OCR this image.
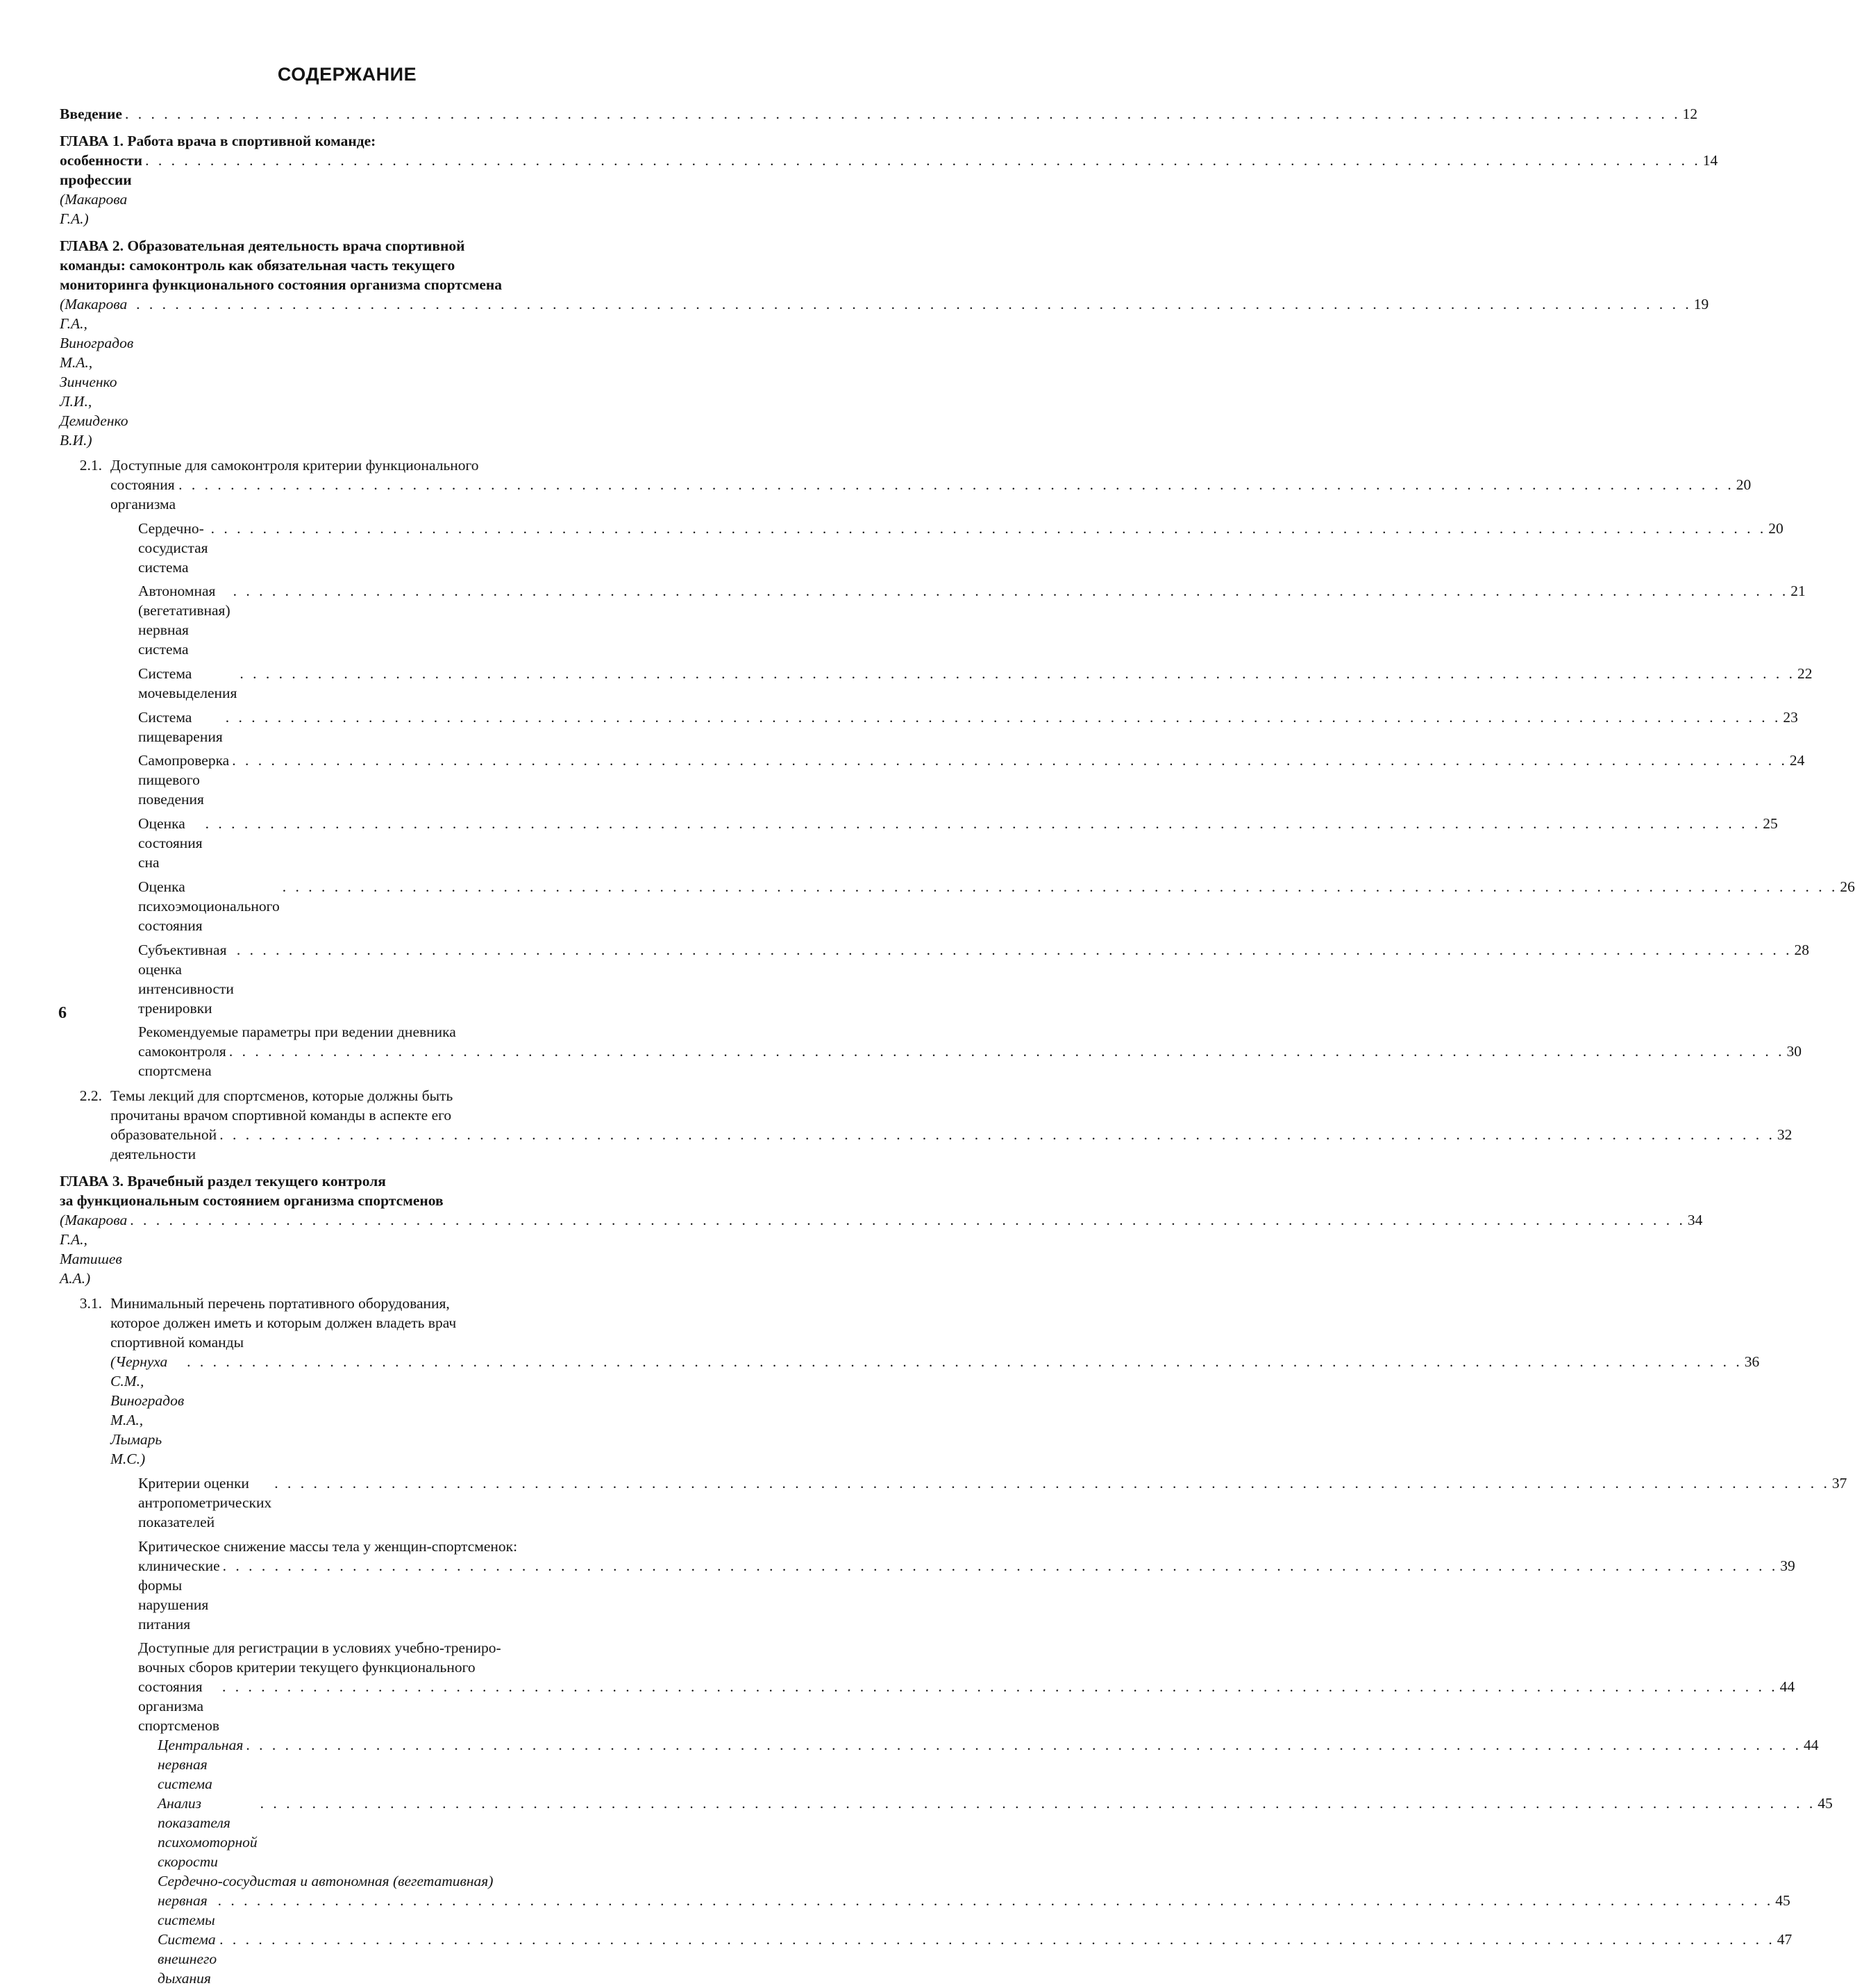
СОДЕРЖАНИЕ
Введение . . . . . . . . . . . . . . . . . . . . . . . . . . . . . . . . . . . . . . . . . . . . . . . . . . . . . . . . . . . . . . . . . . . . . . . . . . . . . . . . . . . . . . . . . . . . . . . . . . . . . . . . . . . . . . . . . . . . . . . . 12
ГЛАВА 1. Работа врача в спортивной команде:
особенности профессии (Макарова Г.А.)
. . . . . . . . . . . . . . . . . . . . . . . . . . . . . . . . . . . . . . . . . . . . . . . . . . . . . . . . . . . . . . . . . . . . . . . . . . . . . . . . . . . . . . . . . . . . . . . . . . . . . . . . . . . . . . . . . . . . . . . . 14
ГЛАВА 2. Образовательная деятельность врача спортивной
команды: самоконтроль как обязательная часть текущего
мониторинга функционального состояния организма спортсмена
(Макарова Г.А., Виноградов М.А., Зинченко Л.И., Демиденко В.И.)
. . . . . . . . . . . . . . . . . . . . . . . . . . . . . . . . . . . . . . . . . . . . . . . . . . . . . . . . . . . . . . . . . . . . . . . . . . . . . . . . . . . . . . . . . . . . . . . . . . . . . . . . . . . . . . . . . . . . . . . . 19
2.1. Доступные для самоконтроля критерии функционального
состояния организма
. . . . . . . . . . . . . . . . . . . . . . . . . . . . . . . . . . . . . . . . . . . . . . . . . . . . . . . . . . . . . . . . . . . . . . . . . . . . . . . . . . . . . . . . . . . . . . . . . . . . . . . . . . . . . . . . . . . . . . . . 20
Сердечно-сосудистая система
. . . . . . . . . . . . . . . . . . . . . . . . . . . . . . . . . . . . . . . . . . . . . . . . . . . . . . . . . . . . . . . . . . . . . . . . . . . . . . . . . . . . . . . . . . . . . . . . . . . . . . . . . . . . . . . . . . . . . . . . 20
Автономная (вегетативная) нервная система
. . . . . . . . . . . . . . . . . . . . . . . . . . . . . . . . . . . . . . . . . . . . . . . . . . . . . . . . . . . . . . . . . . . . . . . . . . . . . . . . . . . . . . . . . . . . . . . . . . . . . . . . . . . . . . . . . . . . . . . . 21
Система мочевыделения
. . . . . . . . . . . . . . . . . . . . . . . . . . . . . . . . . . . . . . . . . . . . . . . . . . . . . . . . . . . . . . . . . . . . . . . . . . . . . . . . . . . . . . . . . . . . . . . . . . . . . . . . . . . . . . . . . . . . . . . . 22
Система пищеварения
. . . . . . . . . . . . . . . . . . . . . . . . . . . . . . . . . . . . . . . . . . . . . . . . . . . . . . . . . . . . . . . . . . . . . . . . . . . . . . . . . . . . . . . . . . . . . . . . . . . . . . . . . . . . . . . . . . . . . . . . 23
Самопроверка пищевого поведения
. . . . . . . . . . . . . . . . . . . . . . . . . . . . . . . . . . . . . . . . . . . . . . . . . . . . . . . . . . . . . . . . . . . . . . . . . . . . . . . . . . . . . . . . . . . . . . . . . . . . . . . . . . . . . . . . . . . . . . . . 24
Оценка состояния сна
. . . . . . . . . . . . . . . . . . . . . . . . . . . . . . . . . . . . . . . . . . . . . . . . . . . . . . . . . . . . . . . . . . . . . . . . . . . . . . . . . . . . . . . . . . . . . . . . . . . . . . . . . . . . . . . . . . . . . . . . 25
Оценка психоэмоционального состояния
. . . . . . . . . . . . . . . . . . . . . . . . . . . . . . . . . . . . . . . . . . . . . . . . . . . . . . . . . . . . . . . . . . . . . . . . . . . . . . . . . . . . . . . . . . . . . . . . . . . . . . . . . . . . . . . . . . . . . . . . 26
Субъективная оценка интенсивности тренировки
. . . . . . . . . . . . . . . . . . . . . . . . . . . . . . . . . . . . . . . . . . . . . . . . . . . . . . . . . . . . . . . . . . . . . . . . . . . . . . . . . . . . . . . . . . . . . . . . . . . . . . . . . . . . . . . . . . . . . . . . 28
Рекомендуемые параметры при ведении дневника
самоконтроля спортсмена
. . . . . . . . . . . . . . . . . . . . . . . . . . . . . . . . . . . . . . . . . . . . . . . . . . . . . . . . . . . . . . . . . . . . . . . . . . . . . . . . . . . . . . . . . . . . . . . . . . . . . . . . . . . . . . . . . . . . . . . . 30
2.2. Темы лекций для спортсменов, которые должны быть
прочитаны врачом спортивной команды в аспекте его
образовательной деятельности
. . . . . . . . . . . . . . . . . . . . . . . . . . . . . . . . . . . . . . . . . . . . . . . . . . . . . . . . . . . . . . . . . . . . . . . . . . . . . . . . . . . . . . . . . . . . . . . . . . . . . . . . . . . . . . . . . . . . . . . . 32
ГЛАВА 3. Врачебный раздел текущего контроля
за функциональным состоянием организма спортсменов
(Макарова Г.А., Матишев А.А.)
. . . . . . . . . . . . . . . . . . . . . . . . . . . . . . . . . . . . . . . . . . . . . . . . . . . . . . . . . . . . . . . . . . . . . . . . . . . . . . . . . . . . . . . . . . . . . . . . . . . . . . . . . . . . . . . . . . . . . . . . 34
3.1. Минимальный перечень портативного оборудования,
которое должен иметь и которым должен владеть врач
спортивной команды
(Чернуха С.М., Виноградов М.А., Лымарь М.С.)
. . . . . . . . . . . . . . . . . . . . . . . . . . . . . . . . . . . . . . . . . . . . . . . . . . . . . . . . . . . . . . . . . . . . . . . . . . . . . . . . . . . . . . . . . . . . . . . . . . . . . . . . . . . . . . . . . . . . . . . . 36
Критерии оценки антропометрических показателей
. . . . . . . . . . . . . . . . . . . . . . . . . . . . . . . . . . . . . . . . . . . . . . . . . . . . . . . . . . . . . . . . . . . . . . . . . . . . . . . . . . . . . . . . . . . . . . . . . . . . . . . . . . . . . . . . . . . . . . . . 37
Критическое снижение массы тела у женщин-спортсменок:
клинические формы нарушения питания
. . . . . . . . . . . . . . . . . . . . . . . . . . . . . . . . . . . . . . . . . . . . . . . . . . . . . . . . . . . . . . . . . . . . . . . . . . . . . . . . . . . . . . . . . . . . . . . . . . . . . . . . . . . . . . . . . . . . . . . . 39
Доступные для регистрации в условиях учебно-трениро-
вочных сборов критерии текущего функционального
состояния организма спортсменов
. . . . . . . . . . . . . . . . . . . . . . . . . . . . . . . . . . . . . . . . . . . . . . . . . . . . . . . . . . . . . . . . . . . . . . . . . . . . . . . . . . . . . . . . . . . . . . . . . . . . . . . . . . . . . . . . . . . . . . . . 44
Центральная нервная система
. . . . . . . . . . . . . . . . . . . . . . . . . . . . . . . . . . . . . . . . . . . . . . . . . . . . . . . . . . . . . . . . . . . . . . . . . . . . . . . . . . . . . . . . . . . . . . . . . . . . . . . . . . . . . . . . . . . . . . . . 44
Анализ показателя психомоторной скорости
. . . . . . . . . . . . . . . . . . . . . . . . . . . . . . . . . . . . . . . . . . . . . . . . . . . . . . . . . . . . . . . . . . . . . . . . . . . . . . . . . . . . . . . . . . . . . . . . . . . . . . . . . . . . . . . . . . . . . . . . 45
Сердечно-сосудистая и автономная (вегетативная)
нервная системы
. . . . . . . . . . . . . . . . . . . . . . . . . . . . . . . . . . . . . . . . . . . . . . . . . . . . . . . . . . . . . . . . . . . . . . . . . . . . . . . . . . . . . . . . . . . . . . . . . . . . . . . . . . . . . . . . . . . . . . . . 45
Система внешнего дыхания
. . . . . . . . . . . . . . . . . . . . . . . . . . . . . . . . . . . . . . . . . . . . . . . . . . . . . . . . . . . . . . . . . . . . . . . . . . . . . . . . . . . . . . . . . . . . . . . . . . . . . . . . . . . . . . . . . . . . . . . . 47
6
